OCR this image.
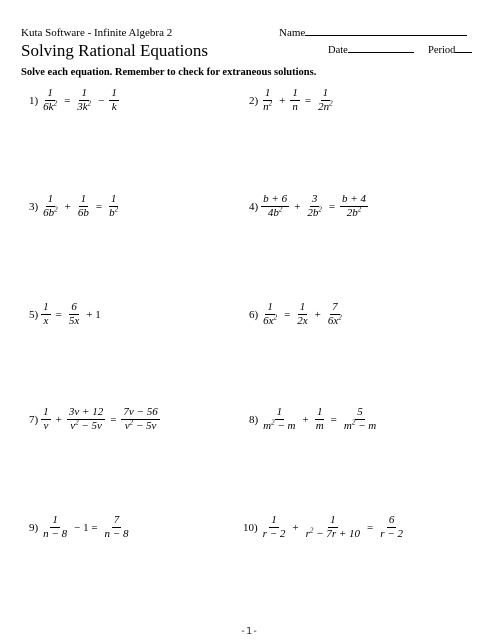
Kuta Software - Infinite Algebra 2	Name
Solving Rational Equations	Date	Period
Solve each equation. Remember to check for extraneous solutions.
$1) \frac{1}{6k^2} = \frac{1}{3k^2} - \frac{1}{k}$	$2) \frac{1}{n^2} + \frac{1}{n} = \frac{1}{2n^2}$
$3) \frac{1}{6b^2} + \frac{1}{6b} = \frac{1}{b^2}$	$4) \frac{b + 6}{4b^2} + \frac{3}{2b^2} = \frac{b + 4}{2b^2}$
$5) \frac{1}{x} = \frac{6}{5x} + 1$	$6) \frac{1}{6x^2} = \frac{1}{2x} + \frac{7}{6x^2}$
$7) \frac{1}{v} + \frac{3v + 12}{v^2 - 5v} = \frac{7v - 56}{v^2 - 5v}$	$8) \frac{1}{m^2 - m} + \frac{1}{m} = \frac{5}{m^2 - m}$
$9) \frac{1}{n - 8} - 1 = \frac{7}{n - 8}$	$10) \frac{1}{r - 2} + \frac{1}{r^2 - 7r + 10} = \frac{6}{r - 2}$
-1-
